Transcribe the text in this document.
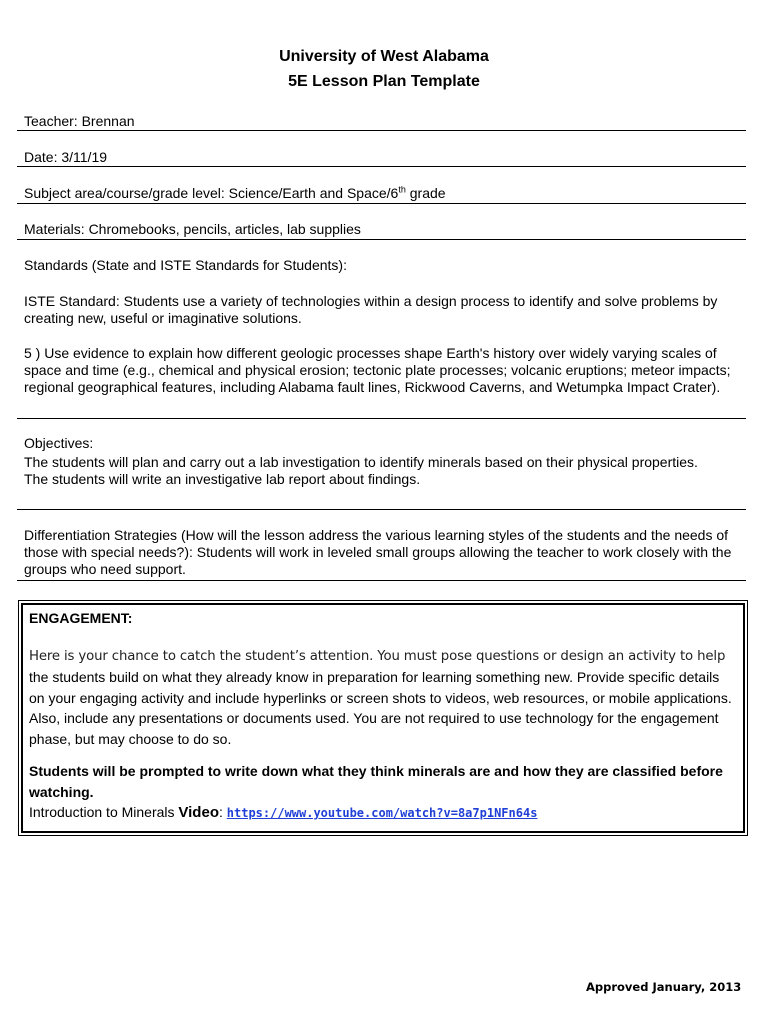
University of West Alabama
5E Lesson Plan Template

Teacher: Brennan

Date: 3/11/19

Subject area/course/grade level: Science/Earth and Space/6th grade

Materials: Chromebooks, pencils, articles, lab supplies

Standards (State and ISTE Standards for Students):

ISTE Standard: Students use a variety of technologies within a design process to identify and solve problems by creating new, useful or imaginative solutions.

5 ) Use evidence to explain how different geologic processes shape Earth's history over widely varying scales of space and time (e.g., chemical and physical erosion; tectonic plate processes; volcanic eruptions; meteor impacts; regional geographical features, including Alabama fault lines, Rickwood Caverns, and Wetumpka Impact Crater).

Objectives:

The students will plan and carry out a lab investigation to identify minerals based on their physical properties.

The students will write an investigative lab report about findings.

Differentiation Strategies (How will the lesson address the various learning styles of the students and the needs of those with special needs?): Students will work in leveled small groups allowing the teacher to work closely with the groups who need support.

ENGAGEMENT:

Here is your chance to catch the student’s attention. You must pose questions or design an activity to help the students build on what they already know in preparation for learning something new. Provide specific details on your engaging activity and include hyperlinks or screen shots to videos, web resources, or mobile applications. Also, include any presentations or documents used. You are not required to use technology for the engagement phase, but may choose to do so.

Students will be prompted to write down what they think minerals are and how they are classified before watching.

Introduction to Minerals Video: https://www.youtube.com/watch?v=8a7p1NFn64s

Approved January, 2013
